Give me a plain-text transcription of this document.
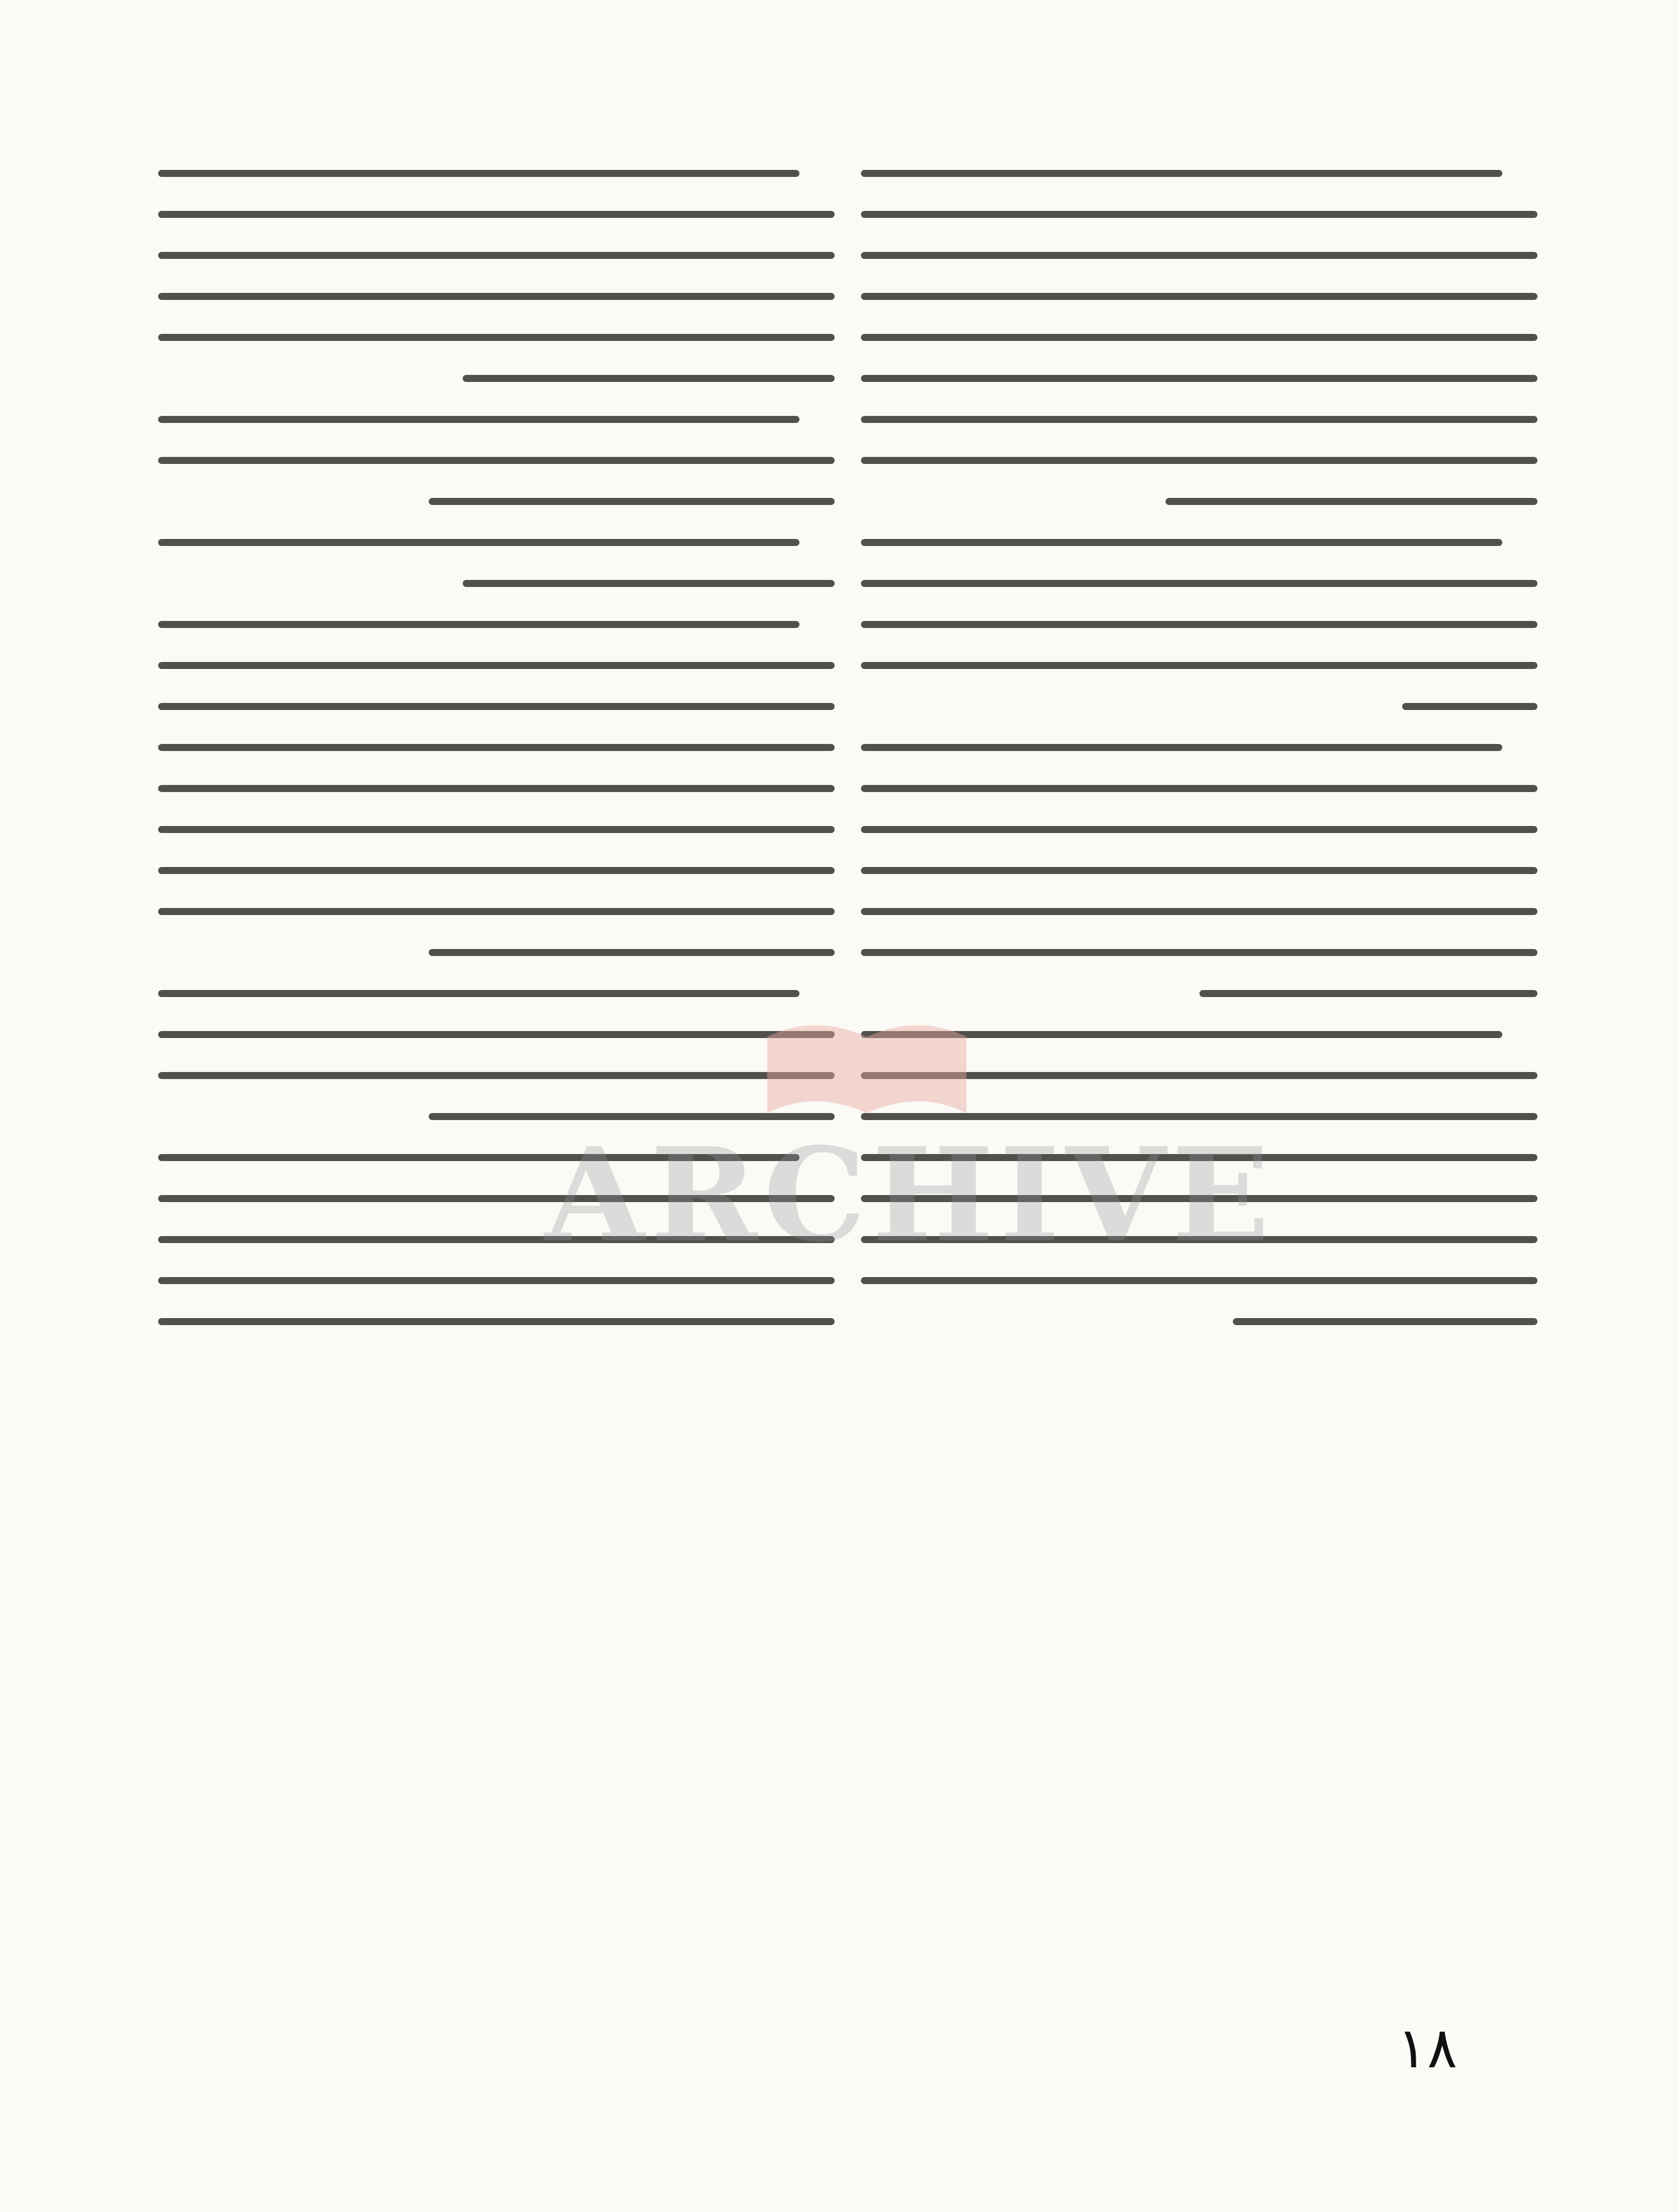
ARCHIVE
١٨
